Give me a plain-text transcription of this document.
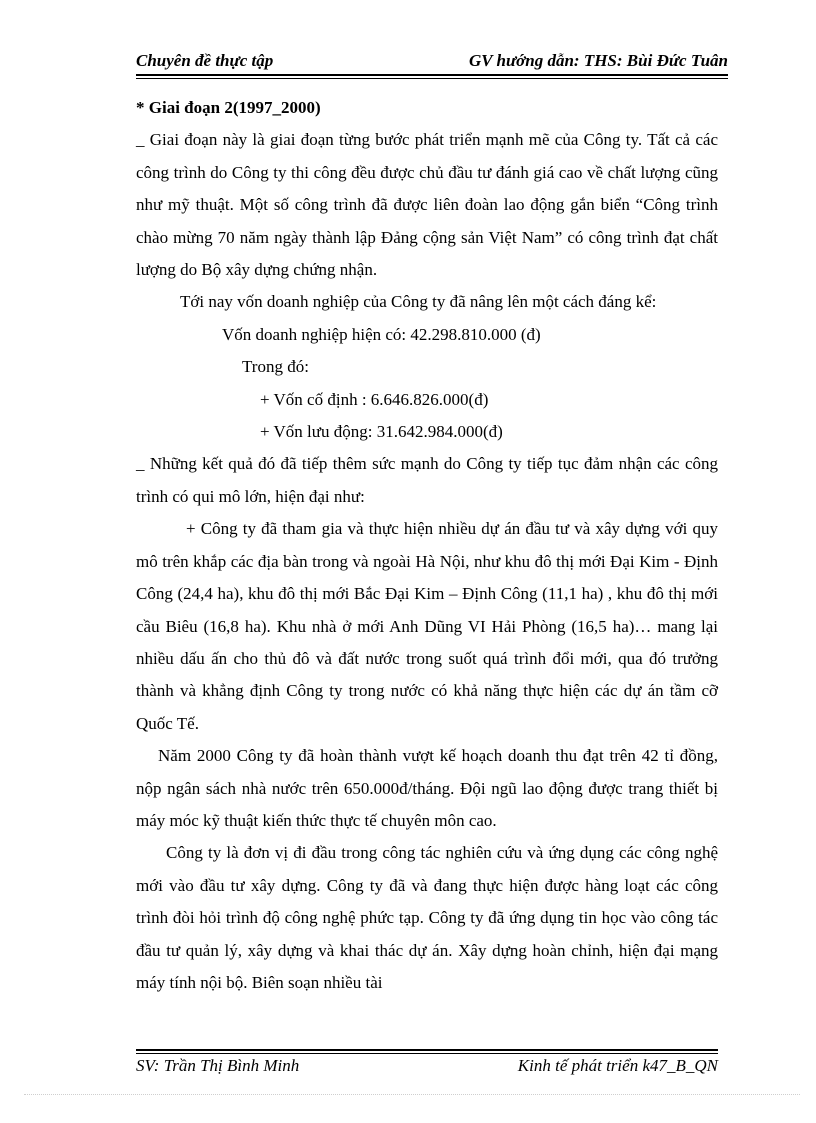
Chuyên đề thực tập	GV hướng dẫn: THS: Bùi Đức Tuân

* Giai đoạn 2(1997_2000)

_ Giai đoạn này là giai đoạn từng bước phát triển mạnh mẽ của Công ty. Tất cả các công trình do Công ty thi công đều được chủ đầu tư đánh giá cao về chất lượng cũng như mỹ thuật. Một số công trình đã được liên đoàn lao động gắn biển “Công trình chào mừng 70 năm ngày thành lập Đảng cộng sản Việt Nam” có công trình đạt chất lượng do Bộ xây dựng chứng nhận.

Tới nay vốn doanh nghiệp của Công ty đã nâng lên một cách đáng kể:

Vốn doanh nghiệp hiện có: 42.298.810.000 (đ)

Trong đó:

+ Vốn cố định : 6.646.826.000(đ)

+ Vốn lưu động: 31.642.984.000(đ)

_ Những kết quả đó đã tiếp thêm sức mạnh do Công ty tiếp tục đảm nhận các công trình có qui mô lớn, hiện đại như:

+ Công ty đã tham gia và thực hiện nhiều dự án đầu tư và xây dựng với quy mô trên khắp các địa bàn trong và ngoài Hà Nội, như khu đô thị mới Đại Kim - Định Công (24,4 ha), khu đô thị mới Bắc Đại Kim – Định Công (11,1 ha) , khu đô thị mới cầu Biêu (16,8 ha). Khu nhà ở mới Anh Dũng VI Hải Phòng (16,5 ha)… mang lại nhiều dấu ấn cho thủ đô và đất nước trong suốt quá trình đổi mới, qua đó trưởng thành và khẳng định Công ty trong nước có khả năng thực hiện các dự án tầm cỡ Quốc Tế.

Năm 2000 Công ty đã hoàn thành vượt kế hoạch doanh thu đạt trên 42 tỉ đồng, nộp ngân sách nhà nước trên 650.000đ/tháng. Đội ngũ lao động được trang thiết bị máy móc kỹ thuật kiến thức thực tế chuyên môn cao.

Công ty là đơn vị đi đầu trong công tác nghiên cứu và ứng dụng các công nghệ mới vào đầu tư xây dựng. Công ty đã và đang thực hiện được hàng loạt các công trình đòi hỏi trình độ công nghệ phức tạp. Công ty đã ứng dụng tin học vào công tác đầu tư quản lý, xây dựng và khai thác dự án. Xây dựng hoàn chỉnh, hiện đại mạng máy tính nội bộ. Biên soạn nhiều tài

SV: Trần Thị Bình Minh	Kinh tế phát triển k47_B_QN
